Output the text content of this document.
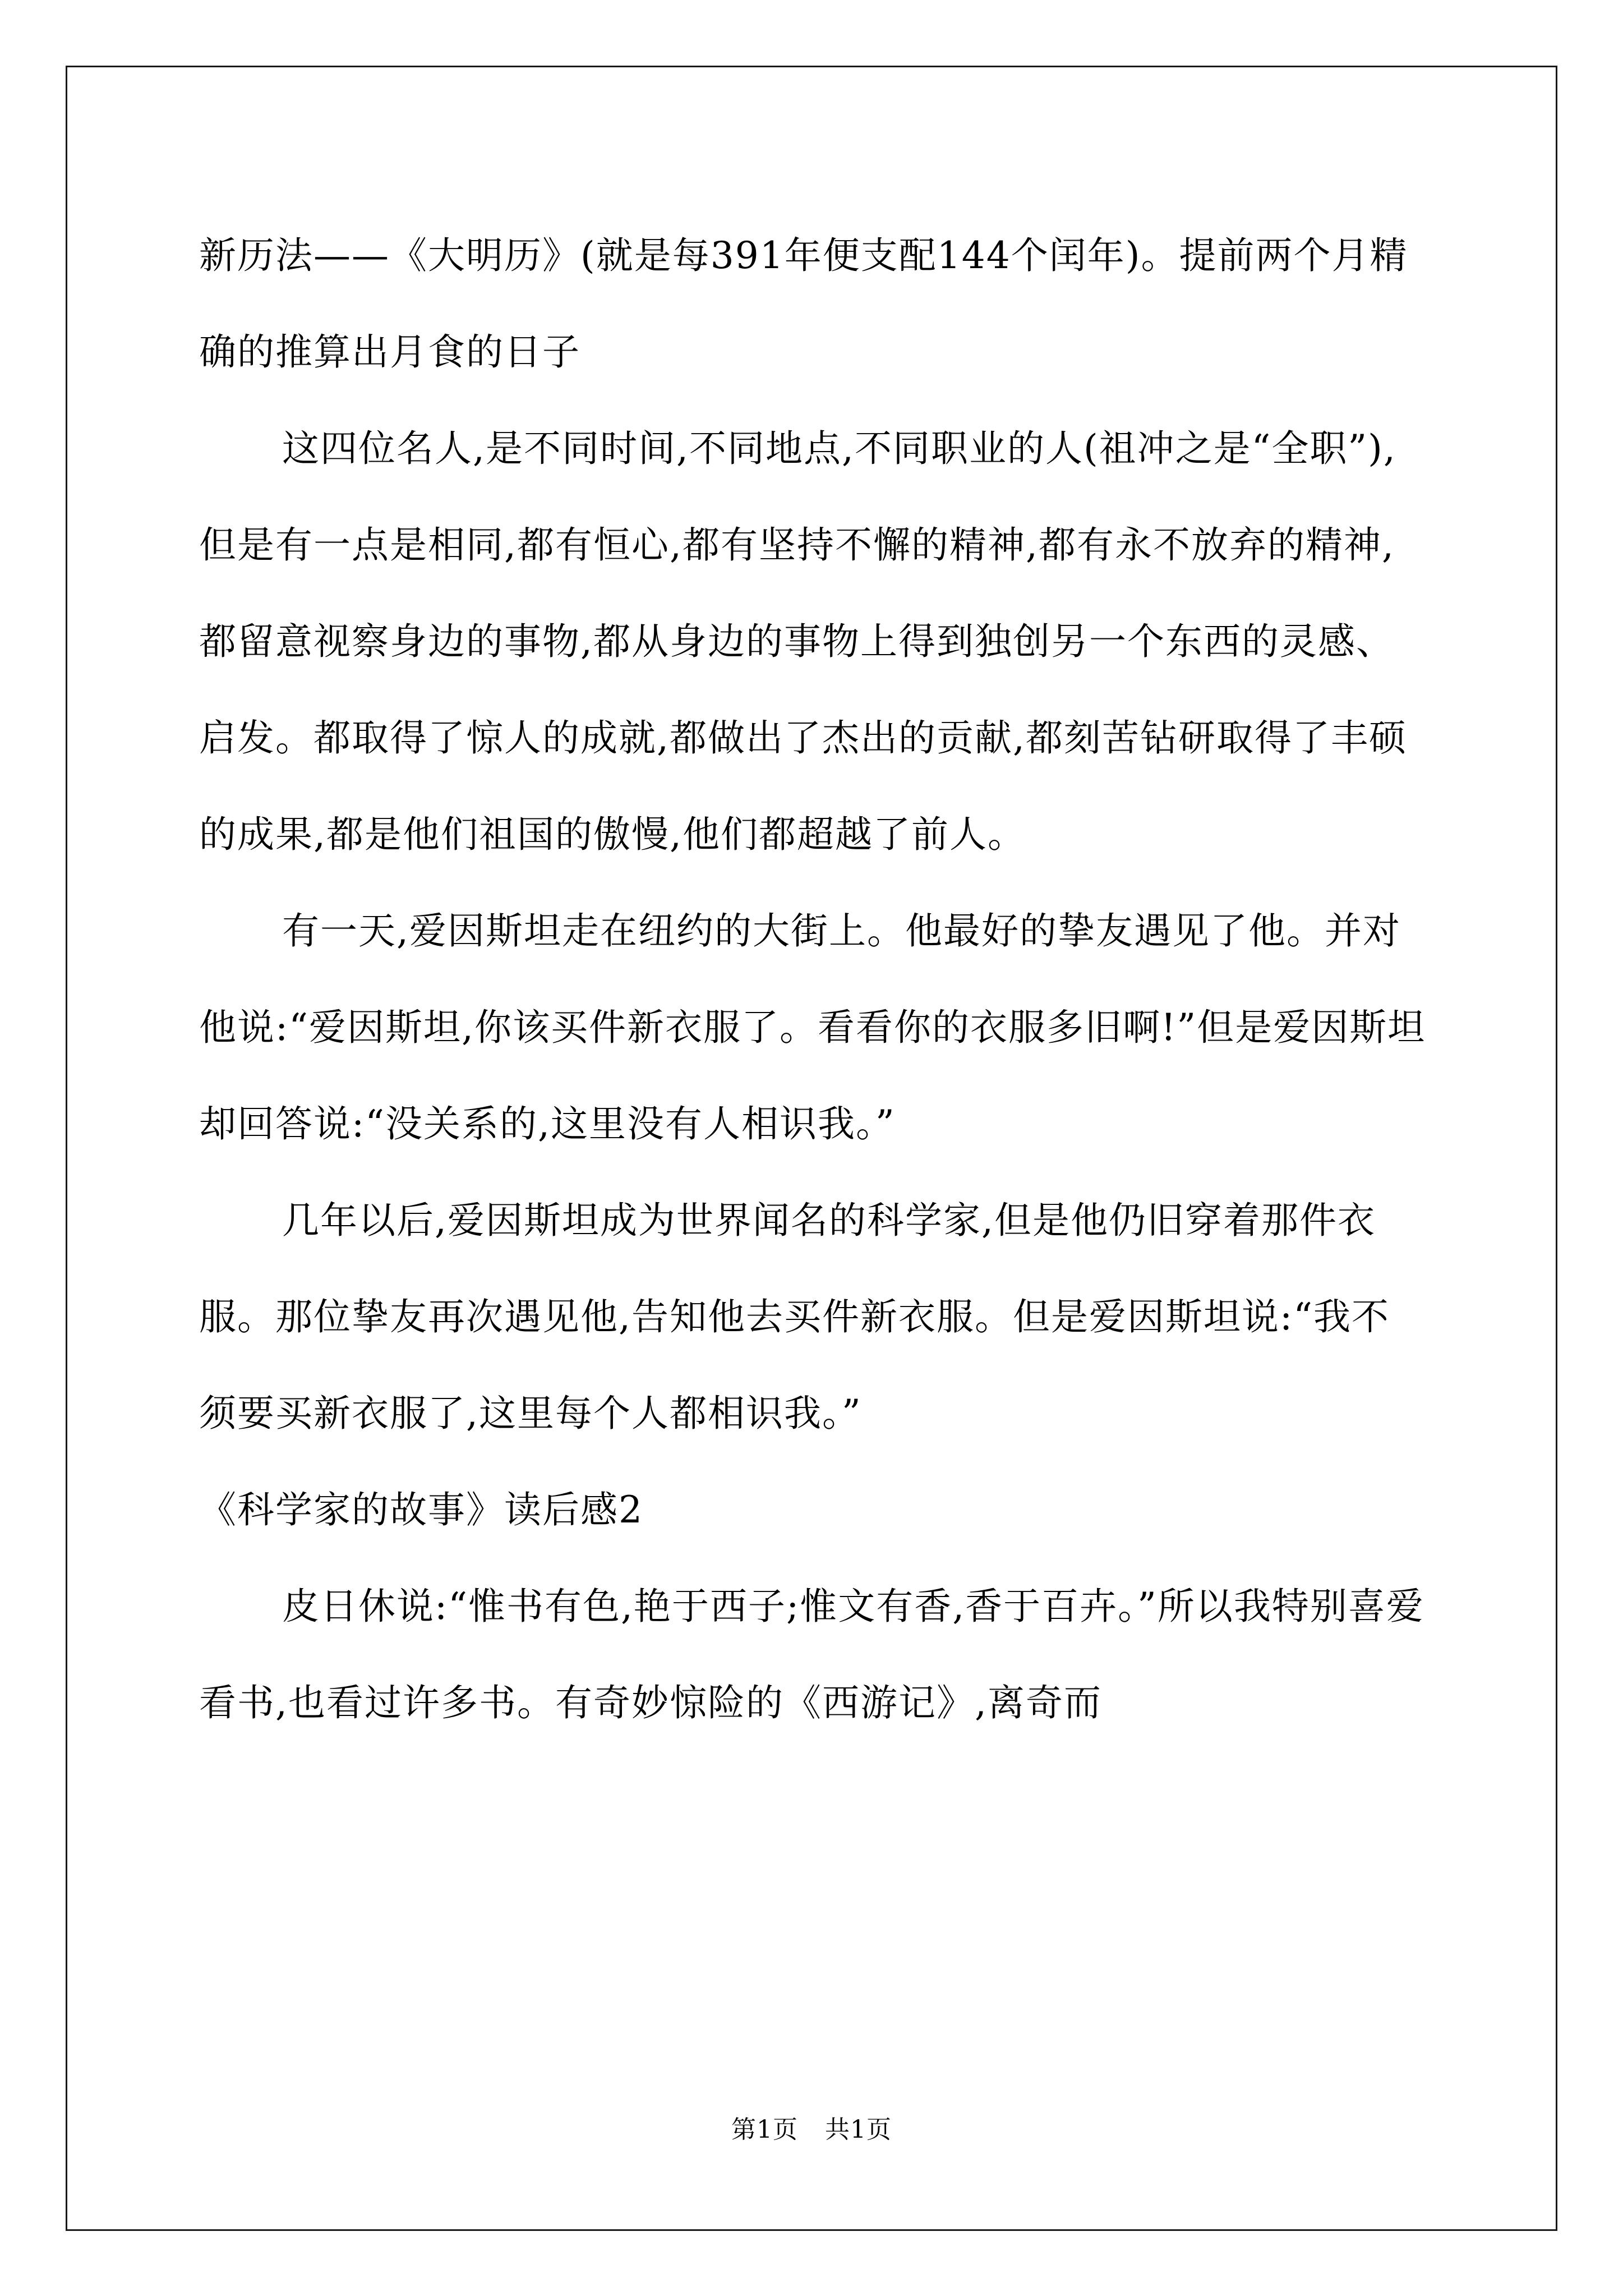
新历法——《大明历》(就是每391年便支配144个闰年)。提前两个月精确的推算出月食的日子

这四位名人,是不同时间,不同地点,不同职业的人(祖冲之是“全职”),但是有一点是相同,都有恒心,都有坚持不懈的精神,都有永不放弃的精神,都留意视察身边的事物,都从身边的事物上得到独创另一个东西的灵感、启发。都取得了惊人的成就,都做出了杰出的贡献,都刻苦钻研取得了丰硕的成果,都是他们祖国的傲慢,他们都超越了前人。

有一天,爱因斯坦走在纽约的大街上。他最好的挚友遇见了他。并对他说:“爱因斯坦,你该买件新衣服了。看看你的衣服多旧啊!”但是爱因斯坦却回答说:“没关系的,这里没有人相识我。”

几年以后,爱因斯坦成为世界闻名的科学家,但是他仍旧穿着那件衣服。那位挚友再次遇见他,告知他去买件新衣服。但是爱因斯坦说:“我不须要买新衣服了,这里每个人都相识我。”

《科学家的故事》读后感2

皮日休说:“惟书有色,艳于西子;惟文有香,香于百卉。”所以我特别喜爱看书,也看过许多书。有奇妙惊险的《西游记》,离奇而

第1页 共1页
